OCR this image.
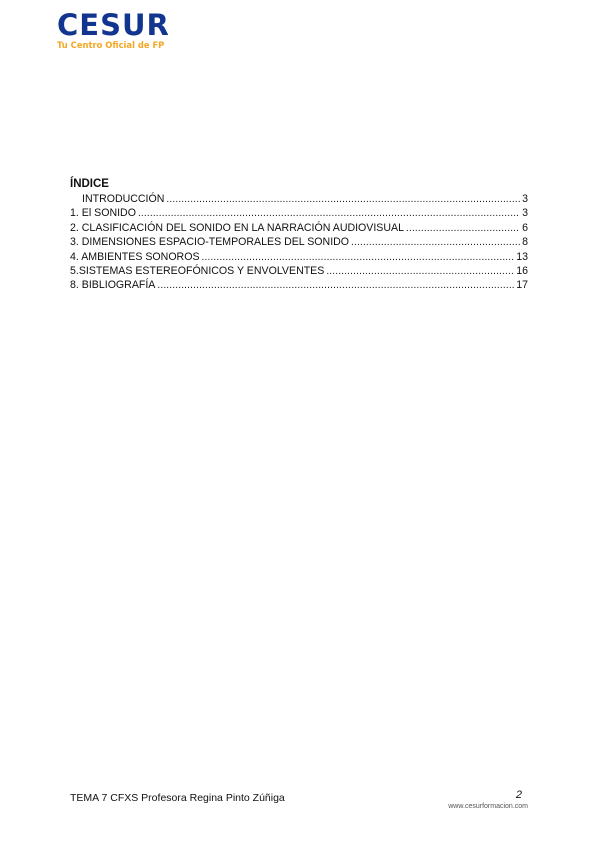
CESUR
Tu Centro Oficial de FP
ÍNDICE
INTRODUCCIÓN .....	3
1. El SONIDO .....	3
2. CLASIFICACIÓN DEL SONIDO EN LA NARRACIÓN AUDIOVISUAL .....	6
3. DIMENSIONES ESPACIO-TEMPORALES DEL SONIDO .....	8
4. AMBIENTES SONOROS .....	13
5.SISTEMAS ESTEREOFÓNICOS Y ENVOLVENTES .....	16
8. BIBLIOGRAFÍA .....	17
TEMA 7 CFXS Profesora Regina Pinto Zúñiga	2
www.cesurformacion.com
